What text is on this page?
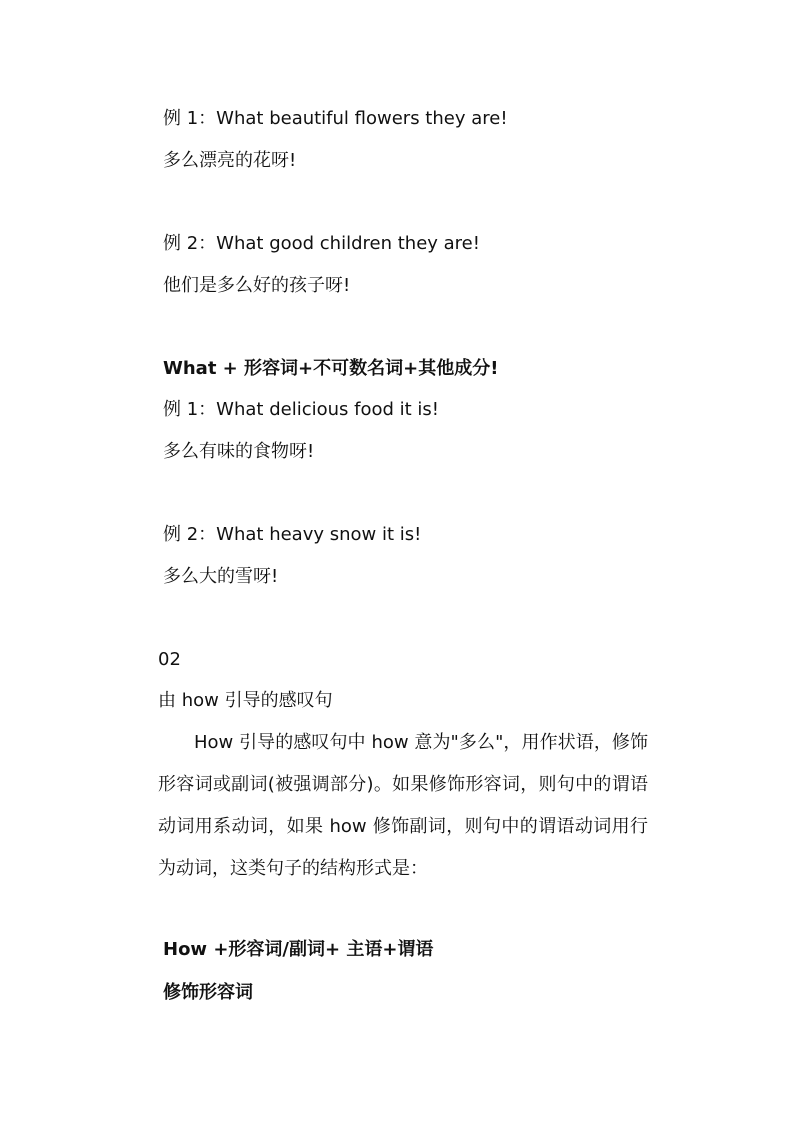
例 1：What beautiful flowers they are!
多么漂亮的花呀!
例 2：What good children they are!
他们是多么好的孩子呀!
What + 形容词+不可数名词+其他成分!
例 1：What delicious food it is!
多么有味的食物呀!
例 2：What heavy snow it is!
多么大的雪呀!
02
由 how 引导的感叹句
How 引导的感叹句中 how 意为"多么"，用作状语，修饰形容词或副词(被强调部分)。如果修饰形容词，则句中的谓语动词用系动词，如果 how 修饰副词，则句中的谓语动词用行为动词，这类句子的结构形式是：
How +形容词/副词+ 主语+谓语
修饰形容词
